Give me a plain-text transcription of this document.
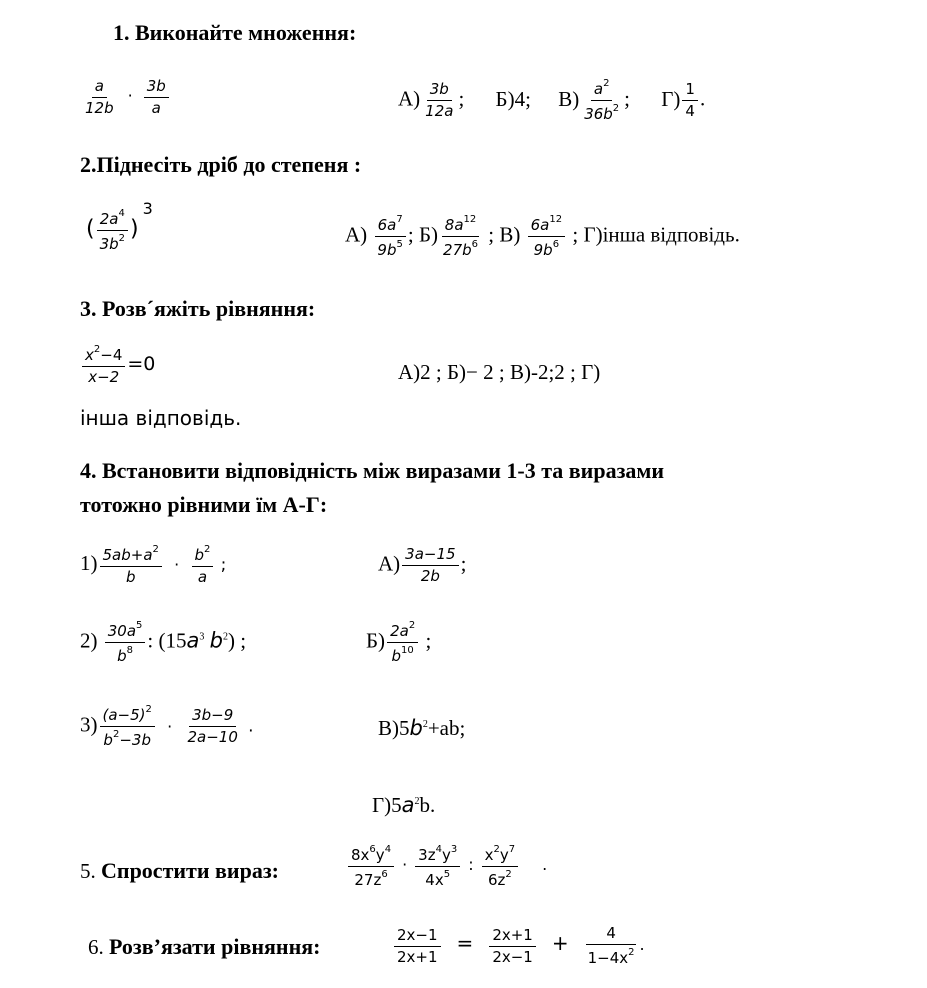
1. Виконайте множення:
$\frac{a}{12b} \cdot \frac{3b}{a}$	$А) \frac{3b}{12a}$ ; Б)4; $В) \frac{a^2}{36b^2}$ ; $Г) \frac{1}{4}$ .
2.Піднесіть дріб до степеня :
( $\frac{2a^4}{3b^2} )^3$
$А) \frac{6a^7}{9b^5}$ ; $Б) \frac{8a^{12}}{27b^6}$ ; $В) \frac{6a^{12}}{9b^6}$ ; Г)інша відповідь.
3. Розв´яжіть рівняння:
$\frac{x^2-4}{x-2} =0$	А)2 ; Б)− 2 ; В)-2;2 ; Г)
інша відповідь.
4. Встановити відповідність між виразами 1-3 та виразами
тотожно рівними їм А-Г:
$1) \frac{5ab+a^2}{b} \cdot \frac{b^2}{a}$ ;	$А) \frac{3a-15}{2b}$ ;
$2) \frac{30a^5}{b^8}$ : ($15a^3$ $b^2$) ;	$Б) \frac{2a^2}{b^{10}}$ ;
$3) \frac{(a-5)^2}{b^2-3b} \cdot \frac{3b-9}{2a-10}$ .	$В)5b^2+ab$;
$Г)5a^2b$.
5. Спростити вираз:	$\frac{8x^6y^4}{27z^6} \cdot \frac{3z^4y^3}{4x^5}$ : $\frac{x^2y^7}{6z^2}$ .
6. Розв’язати рівняння:	$\frac{2x-1}{2x+1} = \frac{2x+1}{2x-1} + \frac{4}{1-4x^2}$ .
